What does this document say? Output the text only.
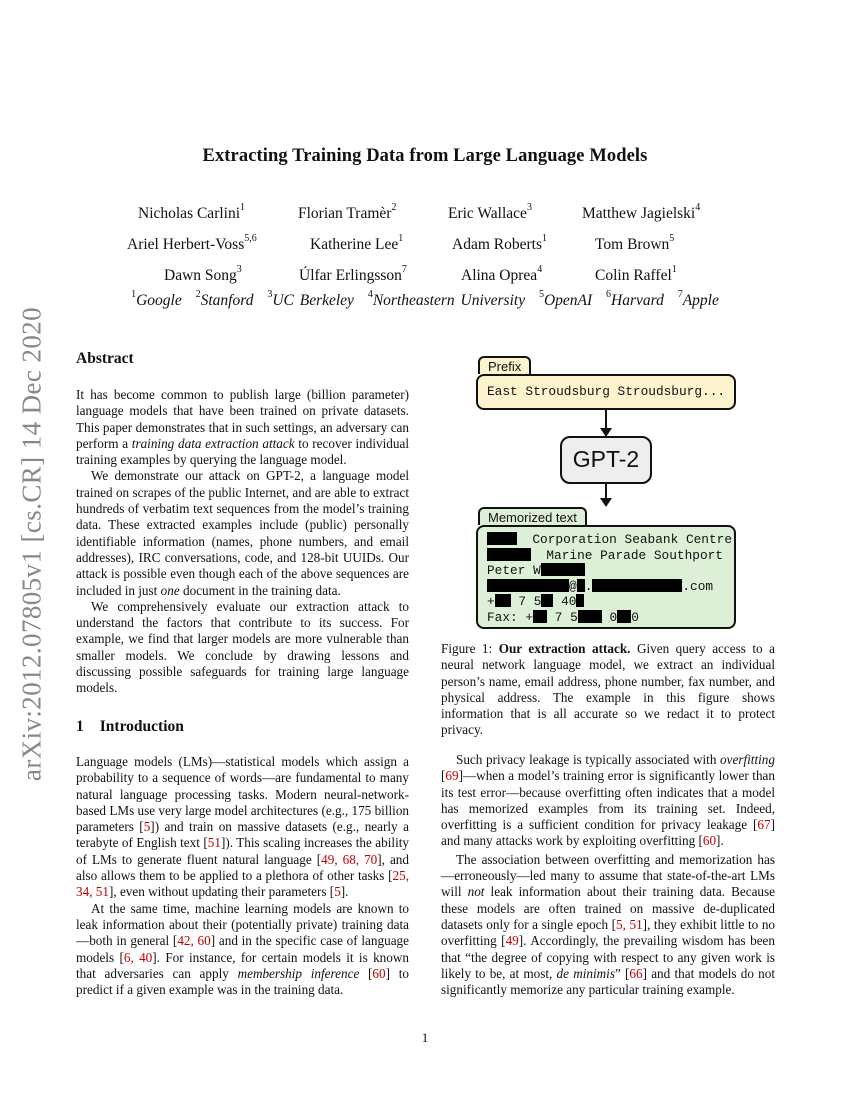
Extracting Training Data from Large Language Models
Nicholas Carlini$^1$	Florian Tramèr$^2$	Eric Wallace$^3$	Matthew Jagielski$^4$
Ariel Herbert-Voss$^{5,6}$	Katherine Lee$^1$	Adam Roberts$^1$	Tom Brown$^5$
Dawn Song$^3$	Úlfar Erlingsson$^7$	Alina Oprea$^4$	Colin Raffel$^1$
$^1$Google $^2$Stanford $^3$UC Berkeley $^4$Northeastern University $^5$OpenAI $^6$Harvard $^7$Apple
arXiv:2012.07805v1 [cs.CR] 14 Dec 2020 Abstract

It has become common to publish large (billion parameter) language models that have been trained on private datasets. This paper demonstrates that in such settings, an adversary can perform a training data extraction attack to recover individual training examples by querying the language model.

We demonstrate our attack on GPT-2, a language model trained on scrapes of the public Internet, and are able to extract hundreds of verbatim text sequences from the model’s training data. These extracted examples include (public) personally identifiable information (names, phone numbers, and email addresses), IRC conversations, code, and 128-bit UUIDs. Our attack is possible even though each of the above sequences are included in just one document in the training data.

We comprehensively evaluate our extraction attack to understand the factors that contribute to its success. For example, we find that larger models are more vulnerable than smaller models. We conclude by drawing lessons and discussing possible safeguards for training large language models.

1 Introduction

Language models (LMs)—statistical models which assign a probability to a sequence of words—are fundamental to many natural language processing tasks. Modern neural-network-based LMs use very large model architectures (e.g., 175 billion parameters [5]) and train on massive datasets (e.g., nearly a terabyte of English text [51]). This scaling increases the ability of LMs to generate fluent natural language [49, 68, 70], and also allows them to be applied to a plethora of other tasks [25, 34, 51], even without updating their parameters [5].

At the same time, machine learning models are known to leak information about their (potentially private) training data—both in general [42, 60] and in the specific case of language models [6, 40]. For instance, for certain models it is known that adversaries can apply membership inference [60] to predict if a given example was in the training data.

Prefix
East Stroudsburg Stroudsburg...
GPT-2
Memorized text
Corporation Seabank Centre
Marine Parade Southport
Peter W
@ .	.com
+ 7 5 40
Fax: + 7 5 0 0
Figure 1: Our extraction attack. Given query access to a neural network language model, we extract an individual person’s name, email address, phone number, fax number, and physical address. The example in this figure shows information that is all accurate so we redact it to protect privacy.

Such privacy leakage is typically associated with overfitting [69]—when a model’s training error is significantly lower than its test error—because overfitting often indicates that a model has memorized examples from its training set. Indeed, overfitting is a sufficient condition for privacy leakage [67] and many attacks work by exploiting overfitting [60].

The association between overfitting and memorization has—erroneously—led many to assume that state-of-the-art LMs will not leak information about their training data. Because these models are often trained on massive de-duplicated datasets only for a single epoch [5, 51], they exhibit little to no overfitting [49]. Accordingly, the prevailing wisdom has been that “the degree of copying with respect to any given work is likely to be, at most, de minimis” [66] and that models do not significantly memorize any particular training example.

1
